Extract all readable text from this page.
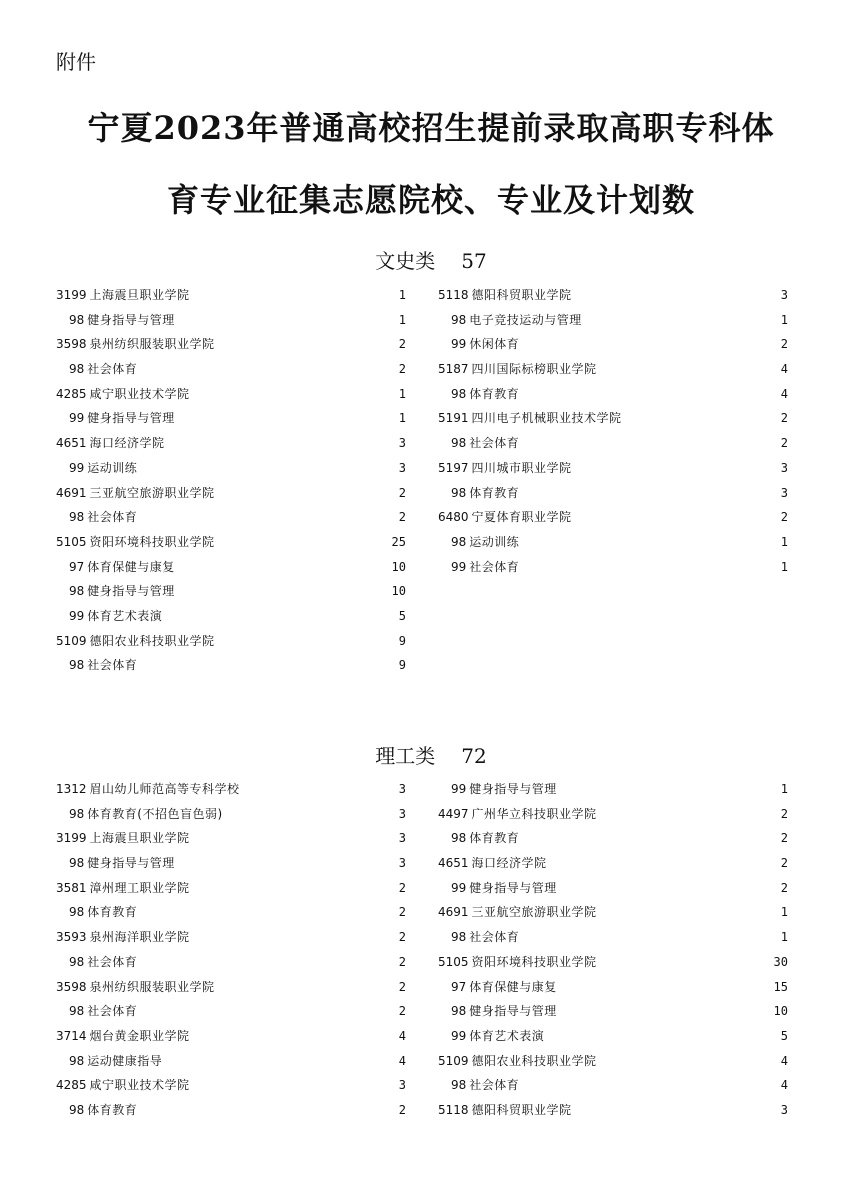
附件
宁夏2023年普通高校招生提前录取高职专科体
育专业征集志愿院校、专业及计划数
文史类 57
3199 上海震旦职业学院	1
98 健身指导与管理	1
3598 泉州纺织服装职业学院	2
98 社会体育	2
4285 咸宁职业技术学院	1
99 健身指导与管理	1
4651 海口经济学院	3
99 运动训练	3
4691 三亚航空旅游职业学院	2
98 社会体育	2
5105 资阳环境科技职业学院	25
97 体育保健与康复	10
98 健身指导与管理	10
99 体育艺术表演	5
5109 德阳农业科技职业学院	9
98 社会体育	9
5118 德阳科贸职业学院	3
98 电子竞技运动与管理	1
99 休闲体育	2
5187 四川国际标榜职业学院	4
98 体育教育	4
5191 四川电子机械职业技术学院	2
98 社会体育	2
5197 四川城市职业学院	3
98 体育教育	3
6480 宁夏体育职业学院	2
98 运动训练	1
99 社会体育	1
理工类 72
1312 眉山幼儿师范高等专科学校	3
98 体育教育(不招色盲色弱)	3
3199 上海震旦职业学院	3
98 健身指导与管理	3
3581 漳州理工职业学院	2
98 体育教育	2
3593 泉州海洋职业学院	2
98 社会体育	2
3598 泉州纺织服装职业学院	2
98 社会体育	2
3714 烟台黄金职业学院	4
98 运动健康指导	4
4285 咸宁职业技术学院	3
98 体育教育	2
99 健身指导与管理	1
4497 广州华立科技职业学院	2
98 体育教育	2
4651 海口经济学院	2
99 健身指导与管理	2
4691 三亚航空旅游职业学院	1
98 社会体育	1
5105 资阳环境科技职业学院	30
97 体育保健与康复	15
98 健身指导与管理	10
99 体育艺术表演	5
5109 德阳农业科技职业学院	4
98 社会体育	4
5118 德阳科贸职业学院	3
